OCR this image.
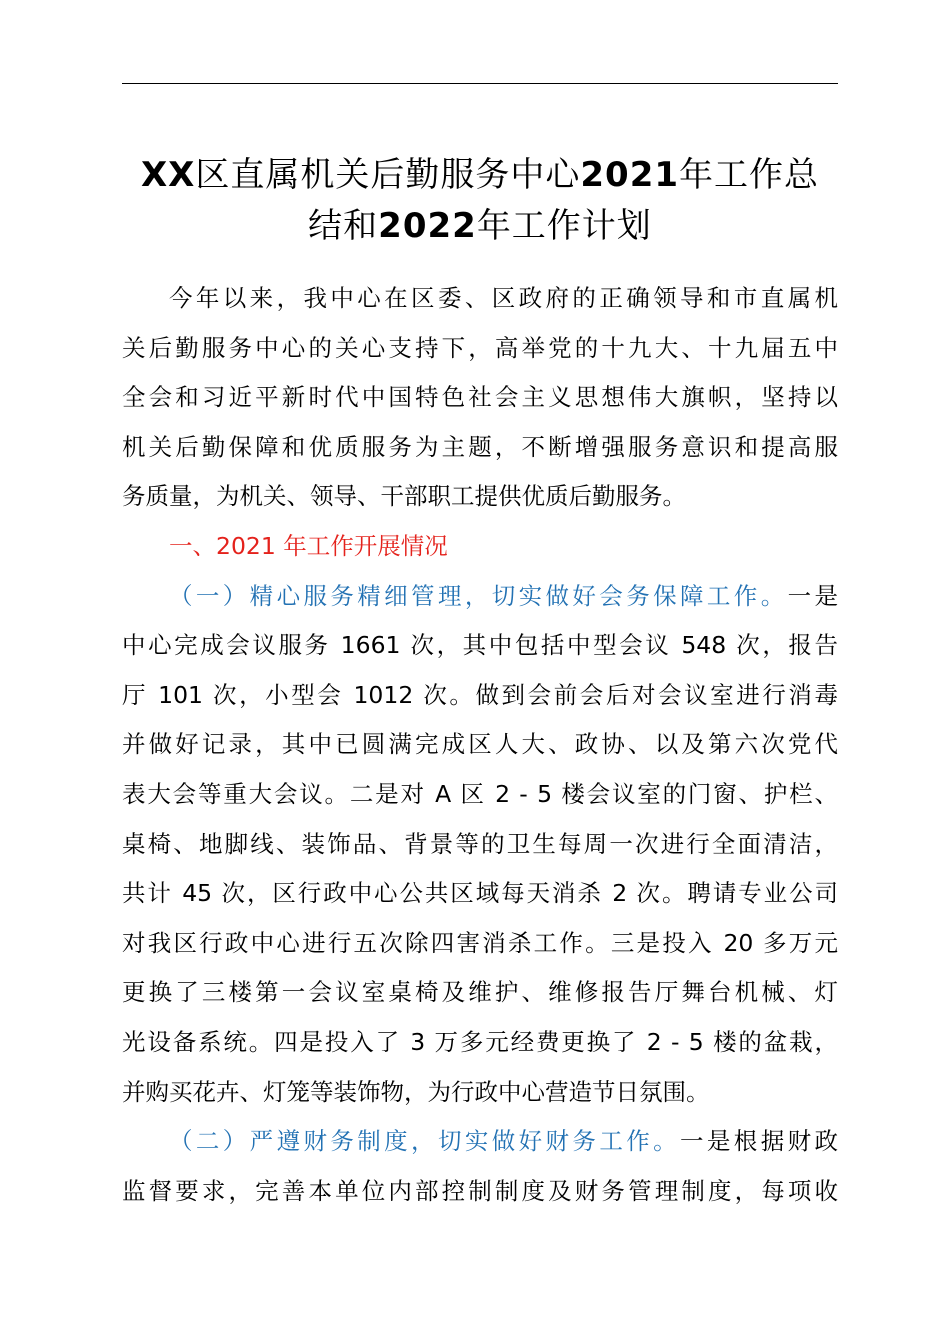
XX区直属机关后勤服务中心2021年工作总
结和2022年工作计划
今年以来，我中心在区委、区政府的正确领导和市直属机
关后勤服务中心的关心支持下，高举党的十九大、十九届五中
全会和习近平新时代中国特色社会主义思想伟大旗帜，坚持以
机关后勤保障和优质服务为主题，不断增强服务意识和提高服
务质量，为机关、领导、干部职工提供优质后勤服务。
一、2021 年工作开展情况
（一）精心服务精细管理，切实做好会务保障工作。一是
中心完成会议服务 1661 次，其中包括中型会议 548 次，报告
厅 101 次，小型会 1012 次。做到会前会后对会议室进行消毒
并做好记录，其中已圆满完成区人大、政协、以及第六次党代
表大会等重大会议。二是对 A 区 2 - 5 楼会议室的门窗、护栏、
桌椅、地脚线、装饰品、背景等的卫生每周一次进行全面清洁，
共计 45 次，区行政中心公共区域每天消杀 2 次。聘请专业公司
对我区行政中心进行五次除四害消杀工作。三是投入 20 多万元
更换了三楼第一会议室桌椅及维护、维修报告厅舞台机械、灯
光设备系统。四是投入了 3 万多元经费更换了 2 - 5 楼的盆栽，
并购买花卉、灯笼等装饰物，为行政中心营造节日氛围。
（二）严遵财务制度，切实做好财务工作。一是根据财政
监督要求，完善本单位内部控制制度及财务管理制度，每项收
